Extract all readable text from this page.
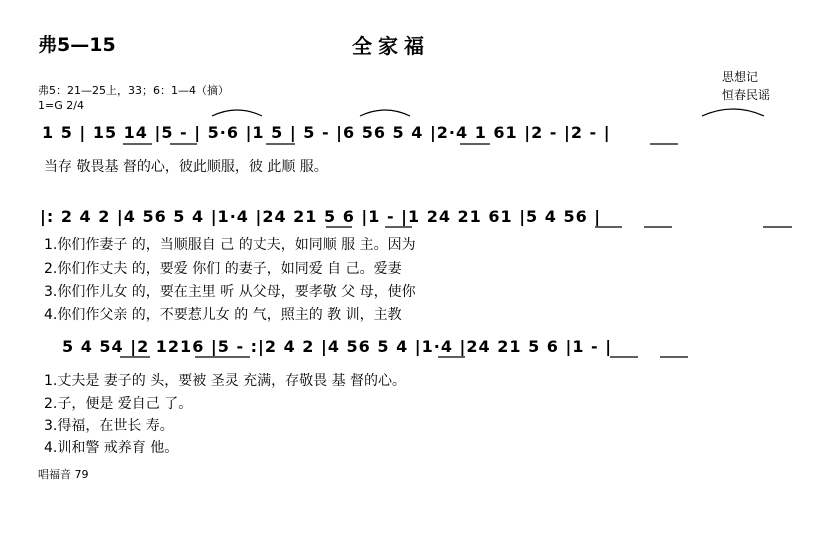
弗5—15	全家福
思想记
恒春民谣
弗5：21—25上，33；6：1—4（摘）
1=G 2/4
1 5 | 15 14 |5 - | 5·6 |1 5 | 5 - |6 56 5 4 |2·4 1 61 |2 - |2 - |
当存 敬畏基 督的心，彼此顺服，彼 此顺 服。
|: 2 4 2 |4 56 5 4 |1·4 |24 21 5 6 |1 - |1 24 21 61 |5 4 56 |
1.你们作妻子 的，当顺服自 己 的丈夫，如同顺 服 主。因为
2.你们作丈夫 的，要爱 你们 的妻子，如同爱 自 己。爱妻
3.你们作儿女 的，要在主里 听 从父母，要孝敬 父 母，使你
4.你们作父亲 的，不要惹儿女 的 气，照主的 教 训，主教
5 4 54 |2 1216 |5 - :|2 4 2 |4 56 5 4 |1·4 |24 21 5 6 |1 - |
1.丈夫是 妻子的 头，要被 圣灵 充满，存敬畏 基 督的心。
2.子，便是 爱自己 了。
3.得福，在世长 寿。
4.训和警 戒养育 他。
唱福音 79
